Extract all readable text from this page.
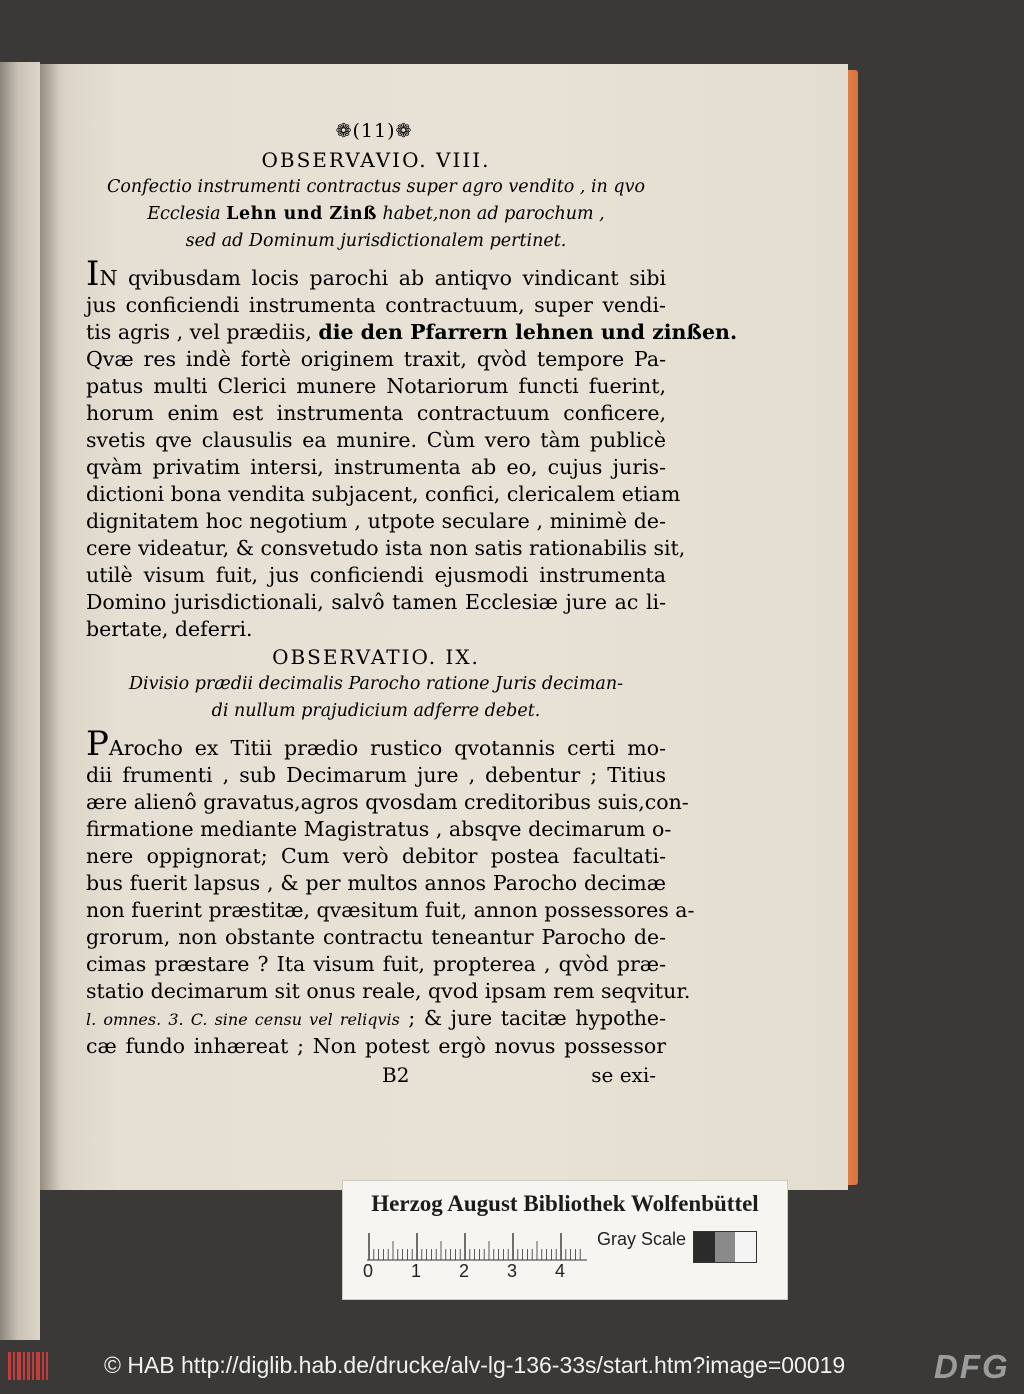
❁(11)❁
OBSERVAVIO. VIII.
Confectio instrumenti contractus super agro vendito , in qvo
Ecclesia Lehn und Zinß habet,non ad parochum ,
sed ad Dominum jurisdictionalem pertinet.
IN qvibusdam locis parochi ab antiqvo vindicant sibi
jus conficiendi instrumenta contractuum, super vendi-
tis agris , vel prædiis, die den Pfarrern lehnen und zinßen.
Qvæ res indè fortè originem traxit, qvòd tempore Pa-
patus multi Clerici munere Notariorum functi fuerint,
horum enim est instrumenta contractuum conficere,
svetis qve clausulis ea munire. Cùm vero tàm publicè
qvàm privatim intersi, instrumenta ab eo, cujus juris-
dictioni bona vendita subjacent, confici, clericalem etiam
dignitatem hoc negotium , utpote seculare , minimè de-
cere videatur, & consvetudo ista non satis rationabilis sit,
utilè visum fuit, jus conficiendi ejusmodi instrumenta
Domino jurisdictionali, salvô tamen Ecclesiæ jure ac li-
bertate, deferri.
OBSERVATIO. IX.
Divisio prædii decimalis Parocho ratione Juris deciman-
di nullum prajudicium adferre debet.
PArocho ex Titii prædio rustico qvotannis certi mo-
dii frumenti , sub Decimarum jure , debentur ; Titius
ære alienô gravatus,agros qvosdam creditoribus suis,con-
firmatione mediante Magistratus , absqve decimarum o-
nere oppignorat; Cum verò debitor postea facultati-
bus fuerit lapsus , & per multos annos Parocho decimæ
non fuerint præstitæ, qvæsitum fuit, annon possessores a-
grorum, non obstante contractu teneantur Parocho de-
cimas præstare ? Ita visum fuit, propterea , qvòd præ-
statio decimarum sit onus reale, qvod ipsam rem seqvitur.
l. omnes. 3. C. sine censu vel reliqvis ; & jure tacitæ hypothe-
cæ fundo inhæreat ; Non potest ergò novus possessor
B2	se exi-
Herzog August Bibliothek Wolfenbüttel
0 1 2 3 4
Gray Scale
© HAB http://diglib.hab.de/drucke/alv-lg-136-33s/start.htm?image=00019	DFG
